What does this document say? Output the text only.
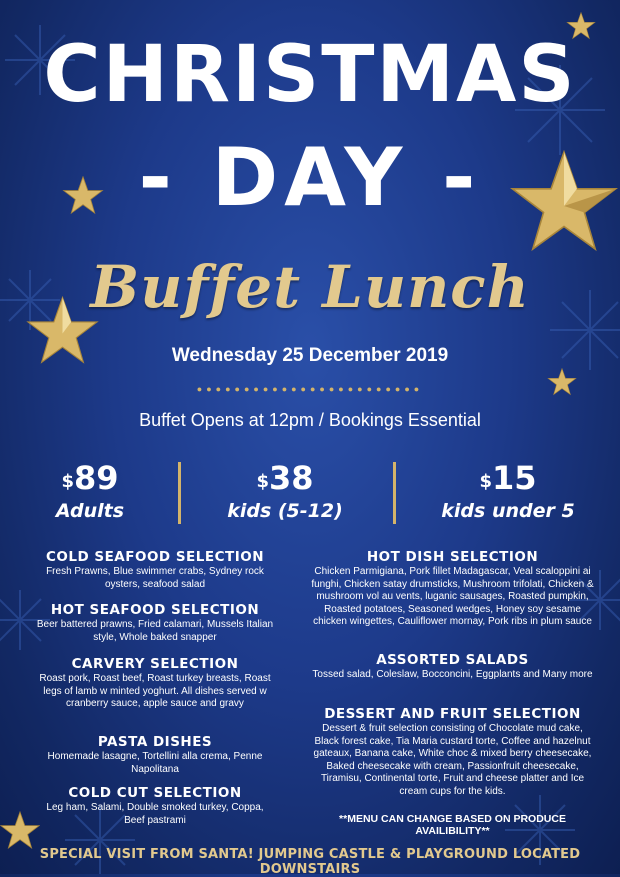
CHRISTMAS
- DAY -
Buffet Lunch
Wednesday 25 December 2019
●●●●●●●●●●●●●●●●●●●●●●●●
Buffet Opens at 12pm / Bookings Essential
$89
Adults
$38
kids (5-12)
$15
kids under 5
COLD SEAFOOD SELECTION

Fresh Prawns, Blue swimmer crabs, Sydney rock oysters, seafood salad

HOT SEAFOOD SELECTION

Beer battered prawns, Fried calamari, Mussels Italian style, Whole baked snapper

CARVERY SELECTION

Roast pork, Roast beef, Roast turkey breasts, Roast legs of lamb w minted yoghurt. All dishes served w cranberry sauce, apple sauce and gravy

PASTA DISHES

Homemade lasagne, Tortellini alla crema, Penne Napolitana

COLD CUT SELECTION

Leg ham, Salami, Double smoked turkey, Coppa, Beef pastrami

HOT DISH SELECTION

Chicken Parmigiana, Pork fillet Madagascar, Veal scaloppini ai funghi, Chicken satay drumsticks, Mushroom trifolati, Chicken & mushroom vol au vents, luganic sausages, Roasted pumpkin, Roasted potatoes, Seasoned wedges, Honey soy sesame chicken wingettes, Cauliflower mornay, Pork ribs in plum sauce

ASSORTED SALADS

Tossed salad, Coleslaw, Bocconcini, Eggplants and Many more

DESSERT AND FRUIT SELECTION

Dessert & fruit selection consisting of Chocolate mud cake, Black forest cake, Tia Maria custard torte, Coffee and hazelnut gateaux, Banana cake, White choc & mixed berry cheesecake, Baked cheesecake with cream, Passionfruit cheesecake, Tiramisu, Continental torte, Fruit and cheese platter and Ice cream cups for the kids.

**MENU CAN CHANGE BASED ON PRODUCE AVAILIBILITY**
SPECIAL VISIT FROM SANTA! JUMPING CASTLE & PLAYGROUND LOCATED DOWNSTAIRS
